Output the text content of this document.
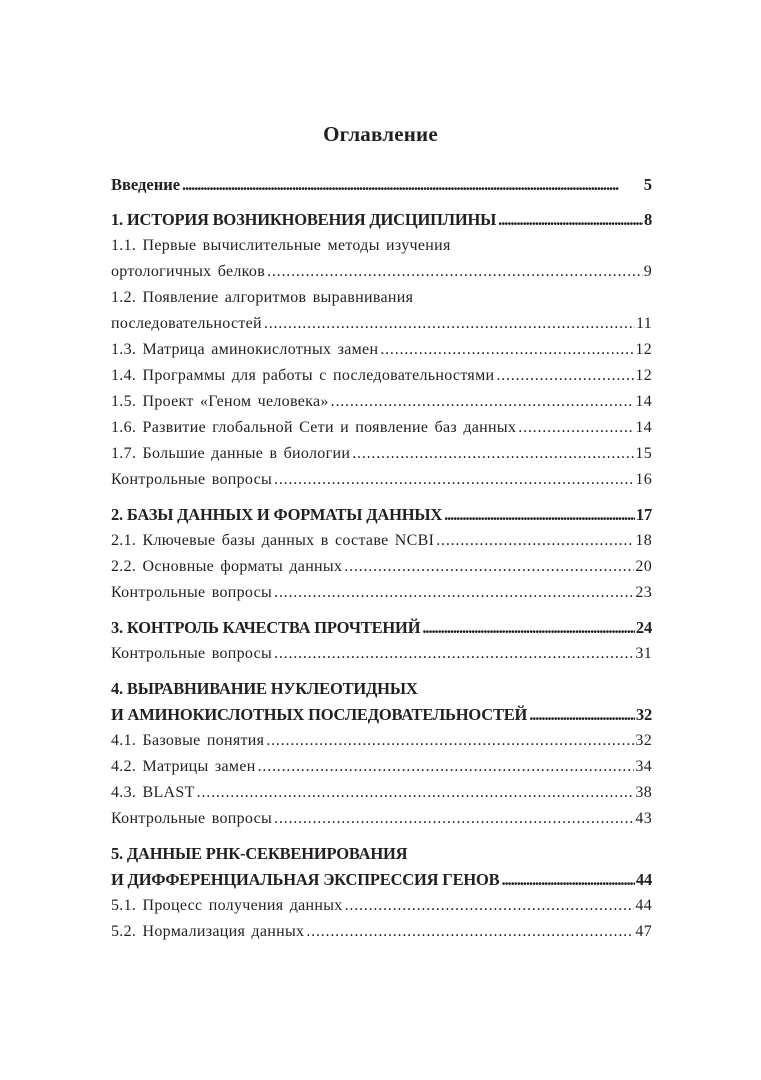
Оглавление
Введение . . .	5
1. ИСТОРИЯ ВОЗНИКНОВЕНИЯ ДИСЦИПЛИНЫ . . .	8
1.1. Первые вычислительные методы изучения
ортологичных белков . . .	9
1.2. Появление алгоритмов выравнивания
последовательностей . . .	11
1.3. Матрица аминокислотных замен . . .	12
1.4. Программы для работы с последовательностями . . .	12
1.5. Проект «Геном человека» . . .	14
1.6. Развитие глобальной Сети и появление баз данных . . .	14
1.7. Большие данные в биологии . . .	15
Контрольные вопросы . . .	16
2. БАЗЫ ДАННЫХ И ФОРМАТЫ ДАННЫХ . . .	17
2.1. Ключевые базы данных в составе NCBI . . .	18
2.2. Основные форматы данных . . .	20
Контрольные вопросы . . .	23
3. КОНТРОЛЬ КАЧЕСТВА ПРОЧТЕНИЙ . . .	24
Контрольные вопросы . . .	31
4. ВЫРАВНИВАНИЕ НУКЛЕОТИДНЫХ
И АМИНОКИСЛОТНЫХ ПОСЛЕДОВАТЕЛЬНОСТЕЙ . . .	32
4.1. Базовые понятия . . .	32
4.2. Матрицы замен . . .	34
4.3. BLAST . . .	38
Контрольные вопросы . . .	43
5. ДАННЫЕ РНК-СЕКВЕНИРОВАНИЯ
И ДИФФЕРЕНЦИАЛЬНАЯ ЭКСПРЕССИЯ ГЕНОВ . . .	44
5.1. Процесс получения данных . . .	44
5.2. Нормализация данных . . .	47
